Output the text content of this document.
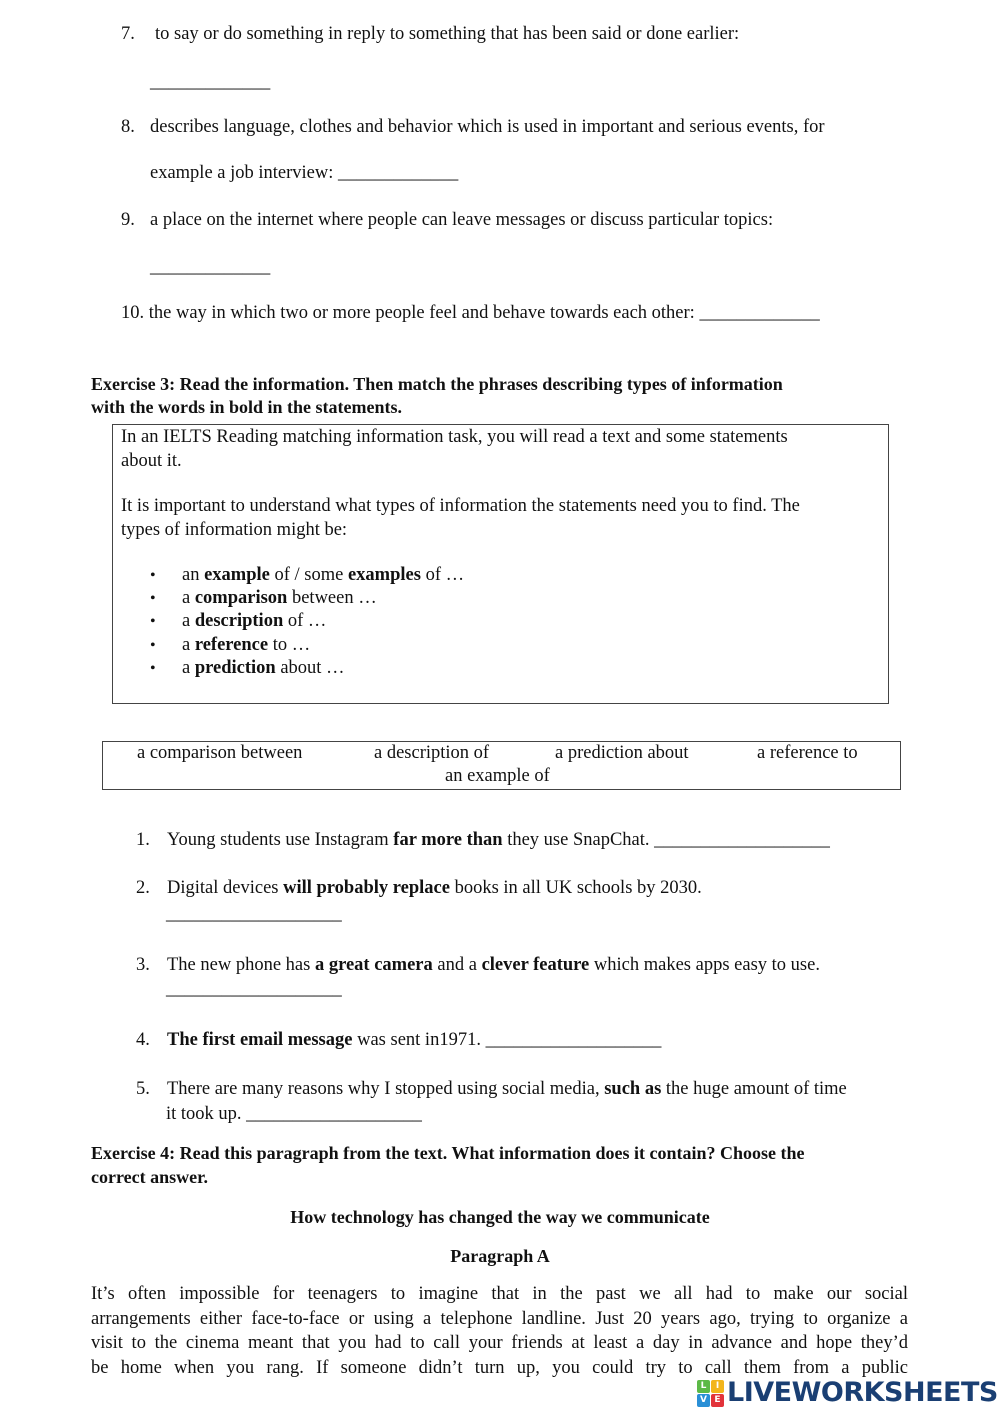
7. to say or do something in reply to something that has been said or done earlier:
_____________
8. describes language, clothes and behavior which is used in important and serious events, for
example a job interview: _____________
9. a place on the internet where people can leave messages or discuss particular topics:
_____________
10. the way in which two or more people feel and behave towards each other: _____________
Exercise 3: Read the information. Then match the phrases describing types of information
with the words in bold in the statements.
In an IELTS Reading matching information task, you will read a text and some statements
about it.
It is important to understand what types of information the statements need you to find. The
types of information might be:
• an example of / some examples of …
• a comparison between …
• a description of …
• a reference to …
• a prediction about …
a comparison between	a description of	a prediction about	a reference to
an example of
1. Young students use Instagram far more than they use SnapChat. ___________________
2. Digital devices will probably replace books in all UK schools by 2030.
___________________
3. The new phone has a great camera and a clever feature which makes apps easy to use.
___________________
4. The first email message was sent in1971. ___________________
5. There are many reasons why I stopped using social media, such as the huge amount of time
it took up. ___________________
Exercise 4: Read this paragraph from the text. What information does it contain? Choose the
correct answer.
How technology has changed the way we communicate
Paragraph A
It’s often impossible for teenagers to imagine that in the past we all had to make our social
arrangements either face-to-face or using a telephone landline. Just 20 years ago, trying to organize a
visit to the cinema meant that you had to call your friends at least a day in advance and hope they’d
be home when you rang. If someone didn’t turn up, you could try to call them from a public
L	I
V E LIVEWORKSHEETS
